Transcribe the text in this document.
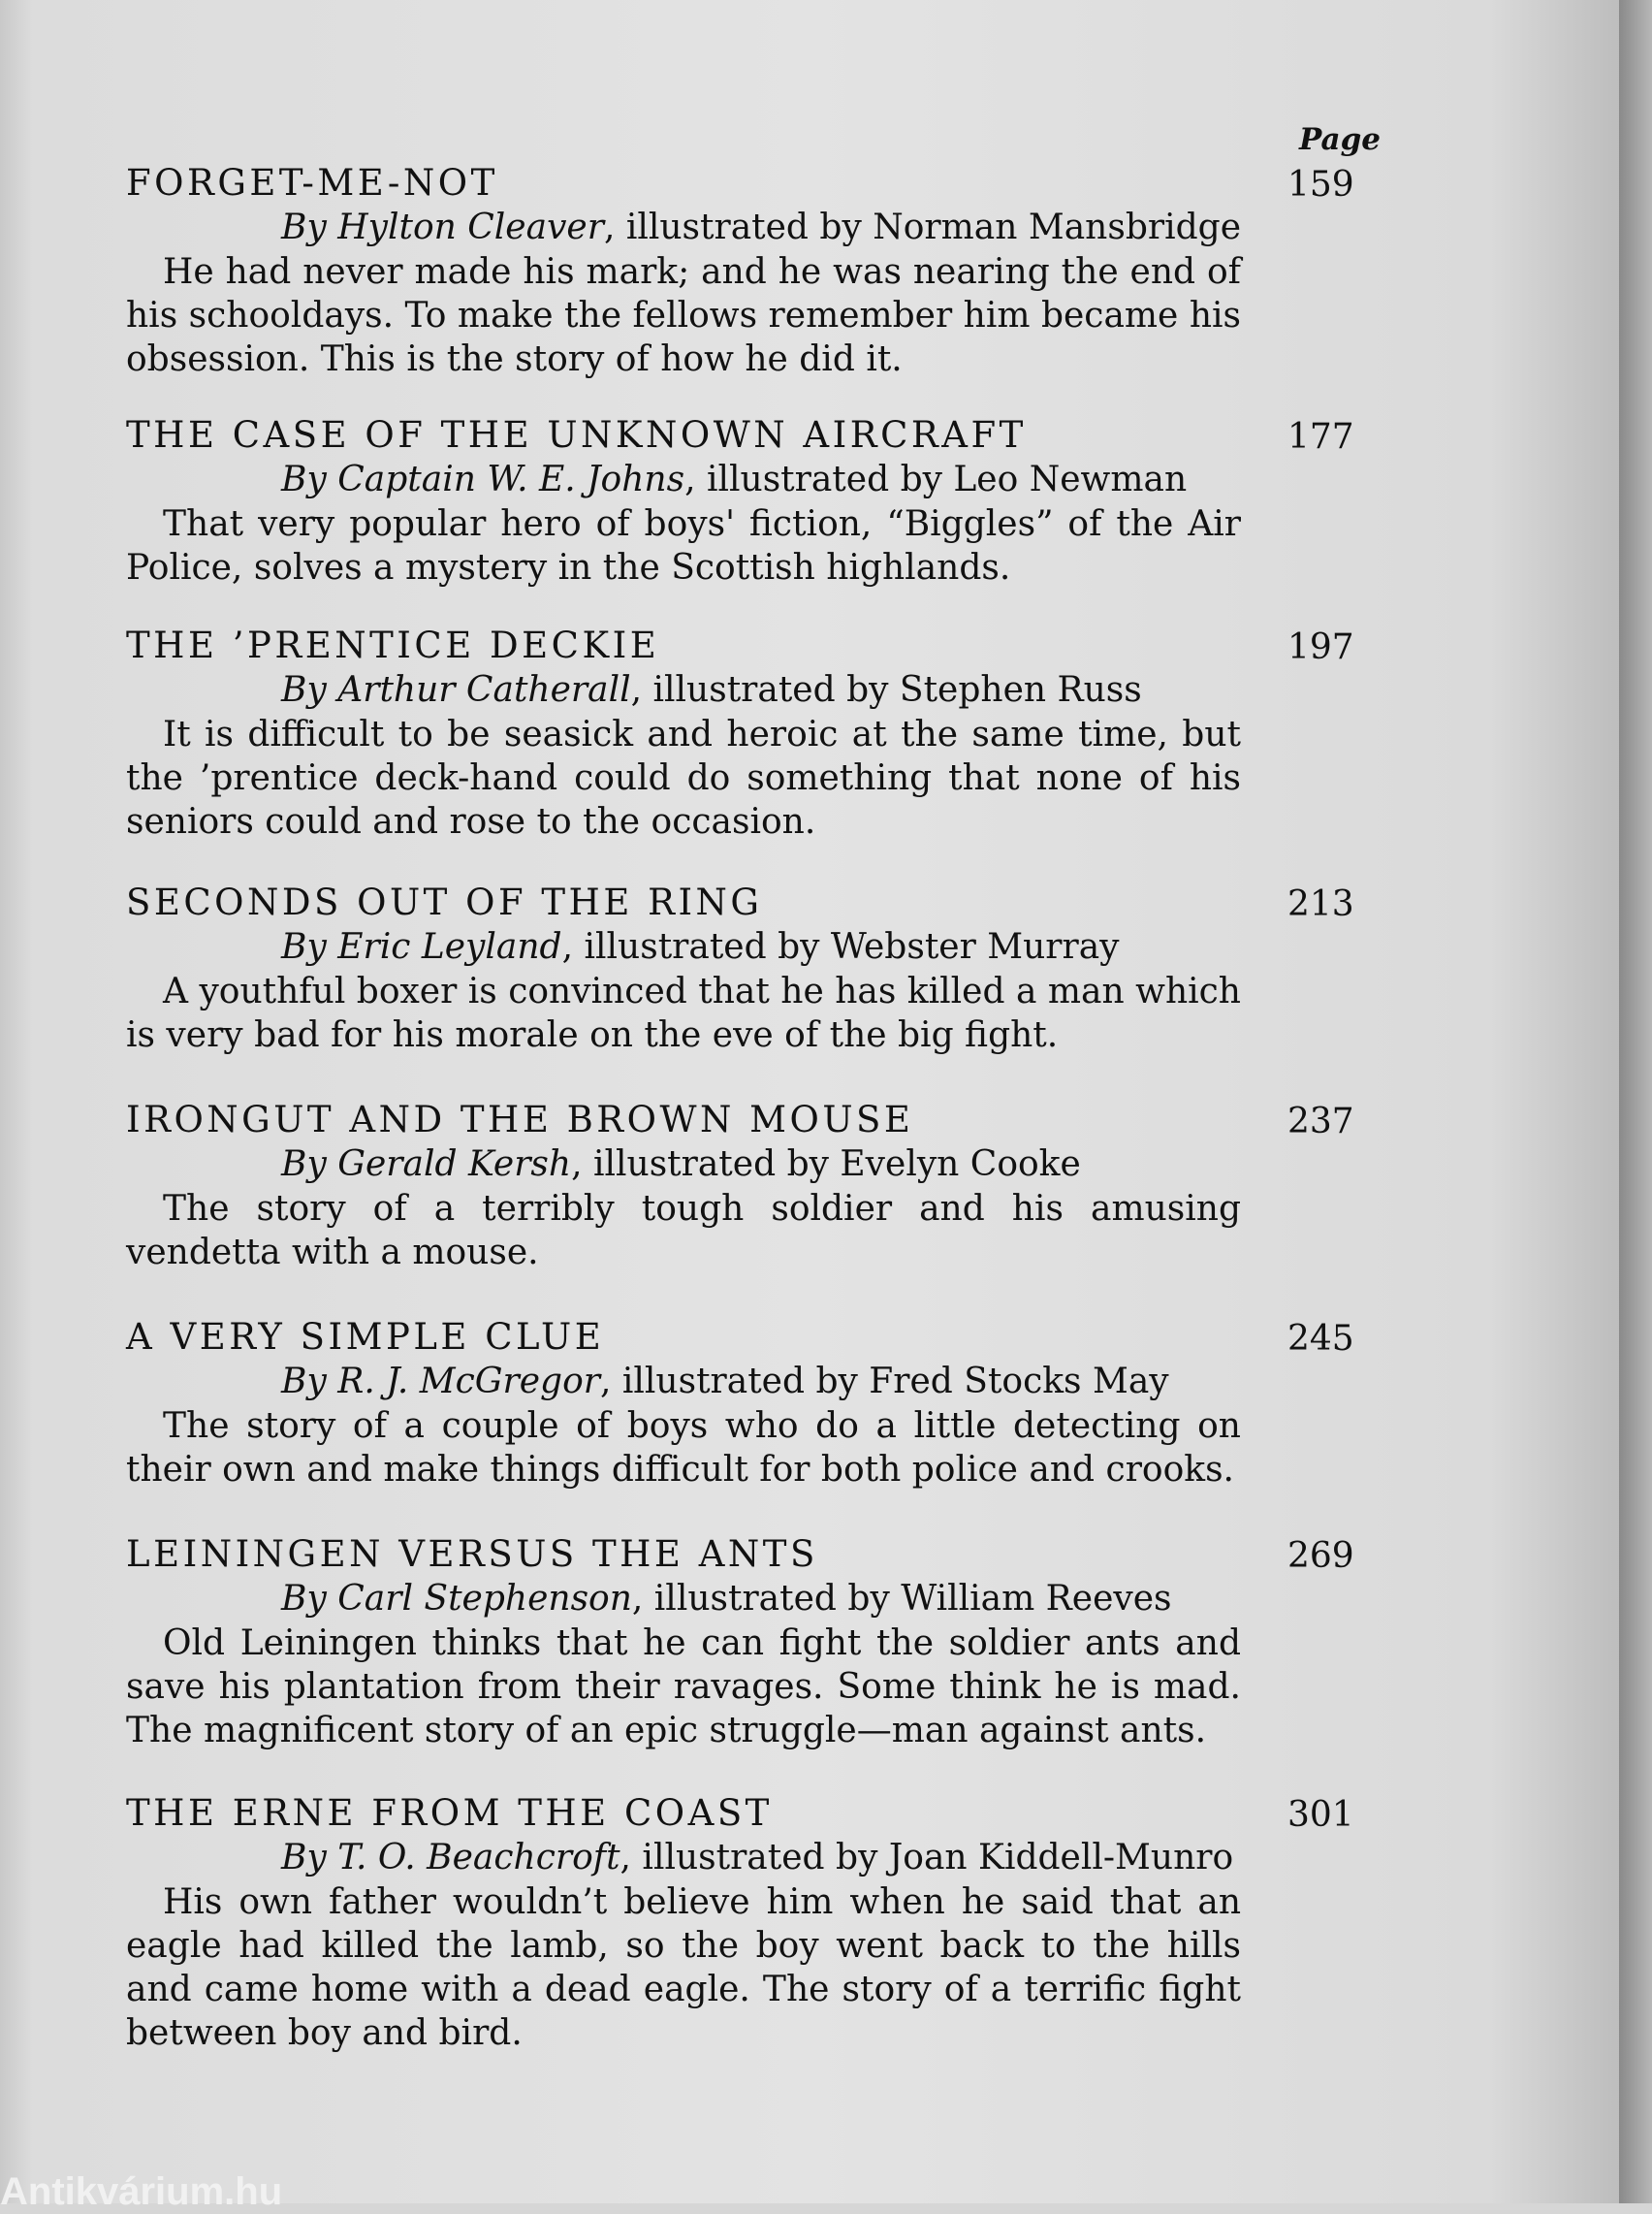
Page
FORGET-ME-NOT	159
By Hylton Cleaver, illustrated by Norman Mansbridge

He had never made his mark; and he was nearing the end of his schooldays. To make the fellows remember him became his obsession. This is the story of how he did it.

THE CASE OF THE UNKNOWN AIRCRAFT	177
By Captain W. E. Johns, illustrated by Leo Newman

That very popular hero of boys' fiction, “Biggles” of the Air Police, solves a mystery in the Scottish highlands.

THE ’PRENTICE DECKIE	197
By Arthur Catherall, illustrated by Stephen Russ

It is difficult to be seasick and heroic at the same time, but the ’prentice deck-hand could do something that none of his seniors could and rose to the occasion.

SECONDS OUT OF THE RING	213
By Eric Leyland, illustrated by Webster Murray

A youthful boxer is convinced that he has killed a man which is very bad for his morale on the eve of the big fight.

IRONGUT AND THE BROWN MOUSE	237
By Gerald Kersh, illustrated by Evelyn Cooke

The story of a terribly tough soldier and his amusing vendetta with a mouse.

A VERY SIMPLE CLUE	245
By R. J. McGregor, illustrated by Fred Stocks May

The story of a couple of boys who do a little detecting on their own and make things difficult for both police and crooks.

LEININGEN VERSUS THE ANTS	269
By Carl Stephenson, illustrated by William Reeves

Old Leiningen thinks that he can fight the soldier ants and save his plantation from their ravages. Some think he is mad. The magnificent story of an epic struggle—man against ants.

THE ERNE FROM THE COAST	301
By T. O. Beachcroft, illustrated by Joan Kiddell-Munro

His own father wouldn’t believe him when he said that an eagle had killed the lamb, so the boy went back to the hills and came home with a dead eagle. The story of a terrific fight between boy and bird.

Antikvárium.hu
